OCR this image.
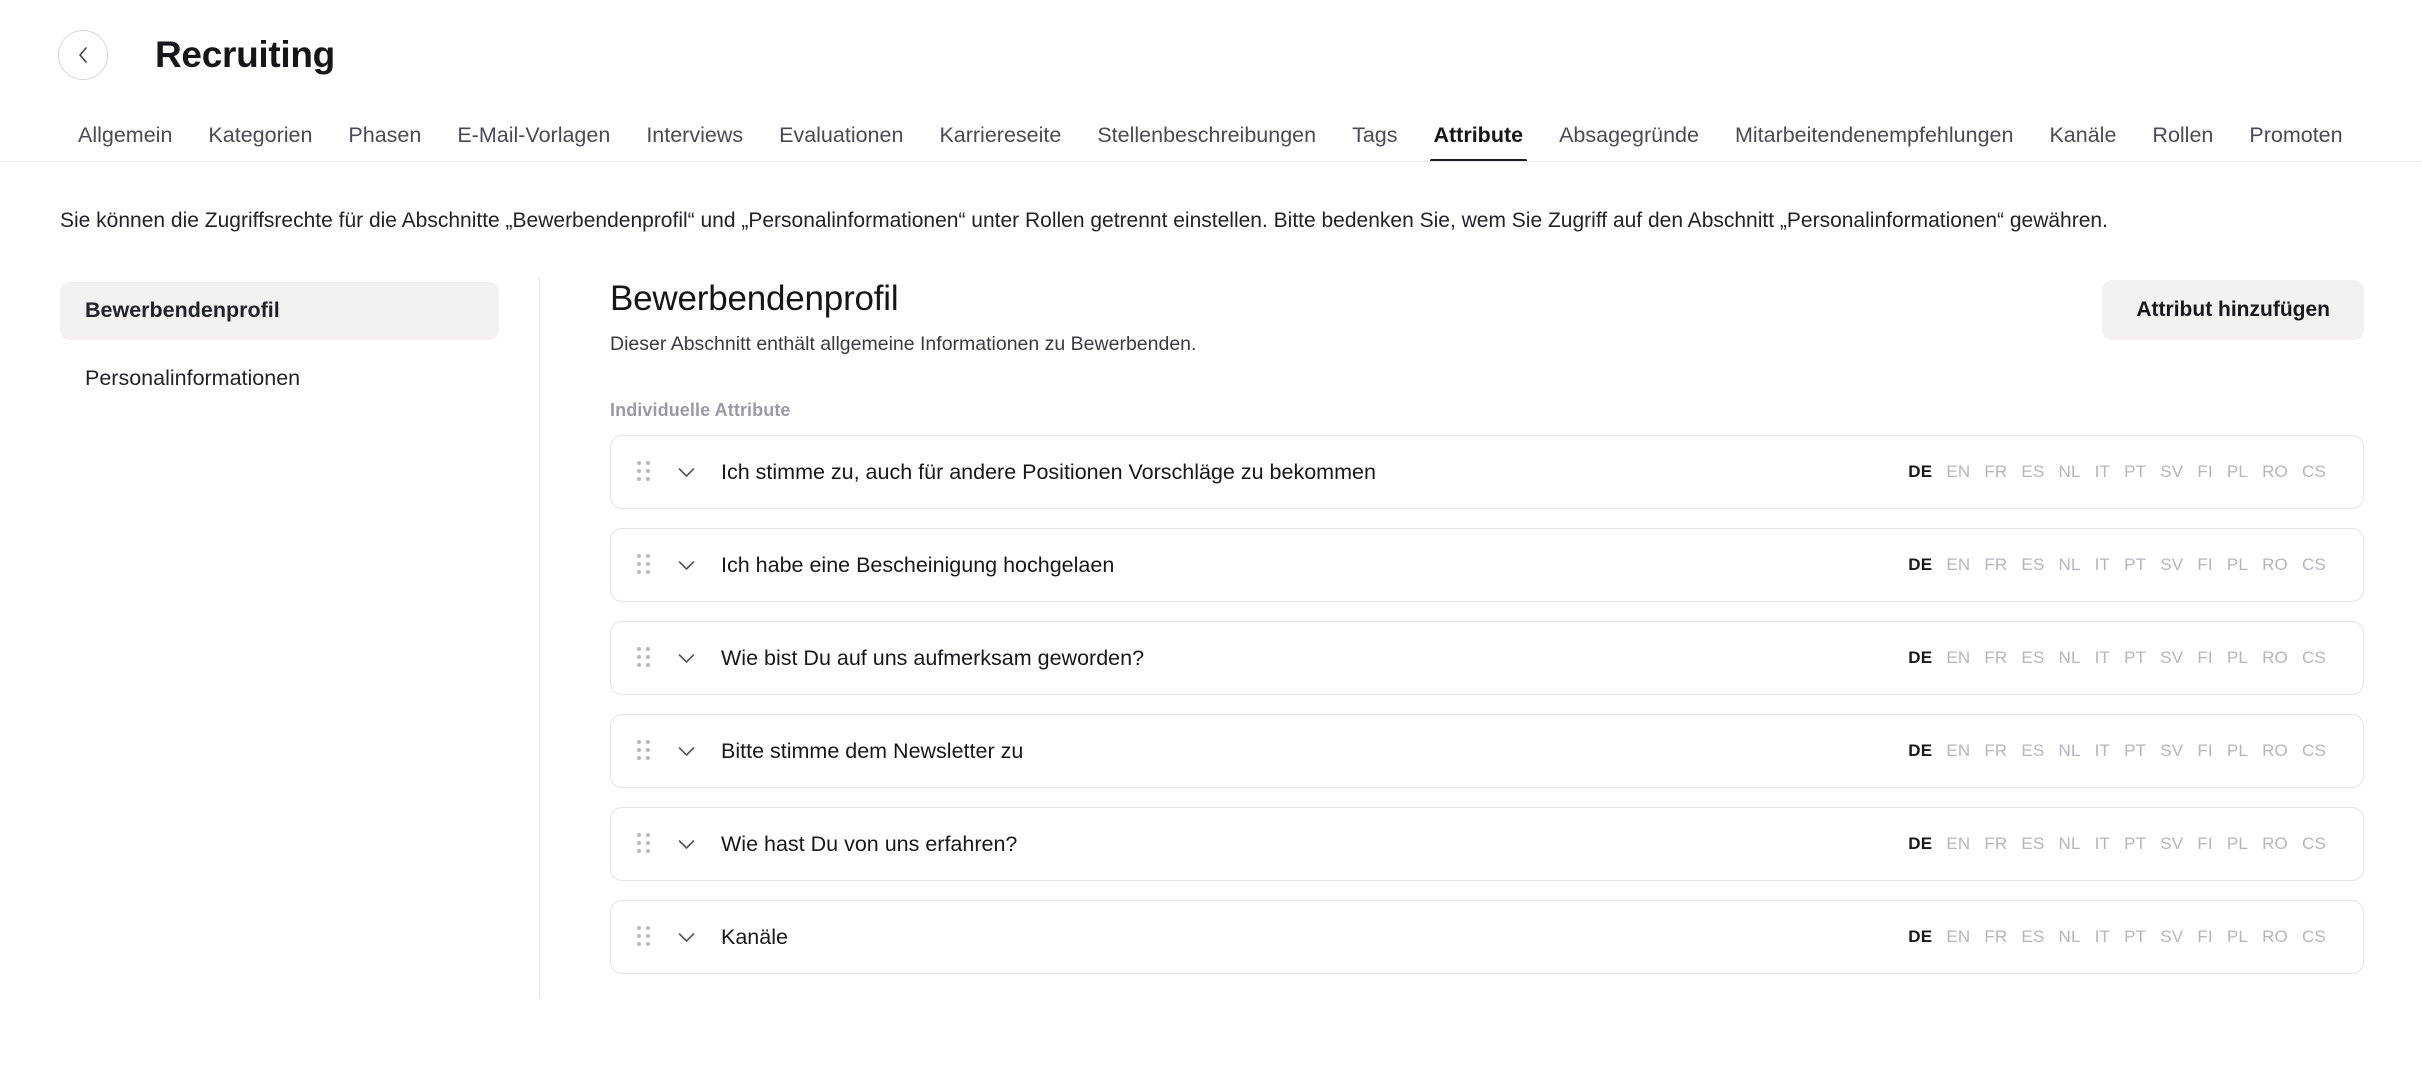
Recruiting
Allgemein	Kategorien	Phasen	E-Mail-Vorlagen	Interviews	Evaluationen	Karriereseite	Stellenbeschreibungen	Tags	Attribute	Absagegründe	Mitarbeitendenempfehlungen	Kanäle	Rollen	Promoten
Sie können die Zugriffsrechte für die Abschnitte „Bewerbendenprofil“ und „Personalinformationen“ unter Rollen getrennt einstellen. Bitte bedenken Sie, wem Sie Zugriff auf den Abschnitt „Personalinformationen“ gewähren.
Bewerbendenprofil
Personalinformationen
Bewerbendenprofil
Dieser Abschnitt enthält allgemeine Informationen zu Bewerbenden.
Attribut hinzufügen
Individuelle Attribute
Ich stimme zu, auch für andere Positionen Vorschläge zu bekommen	DE EN FR ES NL IT PT SV FI PL RO CS
Ich habe eine Bescheinigung hochgelaen	DE EN FR ES NL IT PT SV FI PL RO CS
Wie bist Du auf uns aufmerksam geworden?	DE EN FR ES NL IT PT SV FI PL RO CS
Bitte stimme dem Newsletter zu	DE EN FR ES NL IT PT SV FI PL RO CS
Wie hast Du von uns erfahren?	DE EN FR ES NL IT PT SV FI PL RO CS
Kanäle	DE EN FR ES NL IT PT SV FI PL RO CS
